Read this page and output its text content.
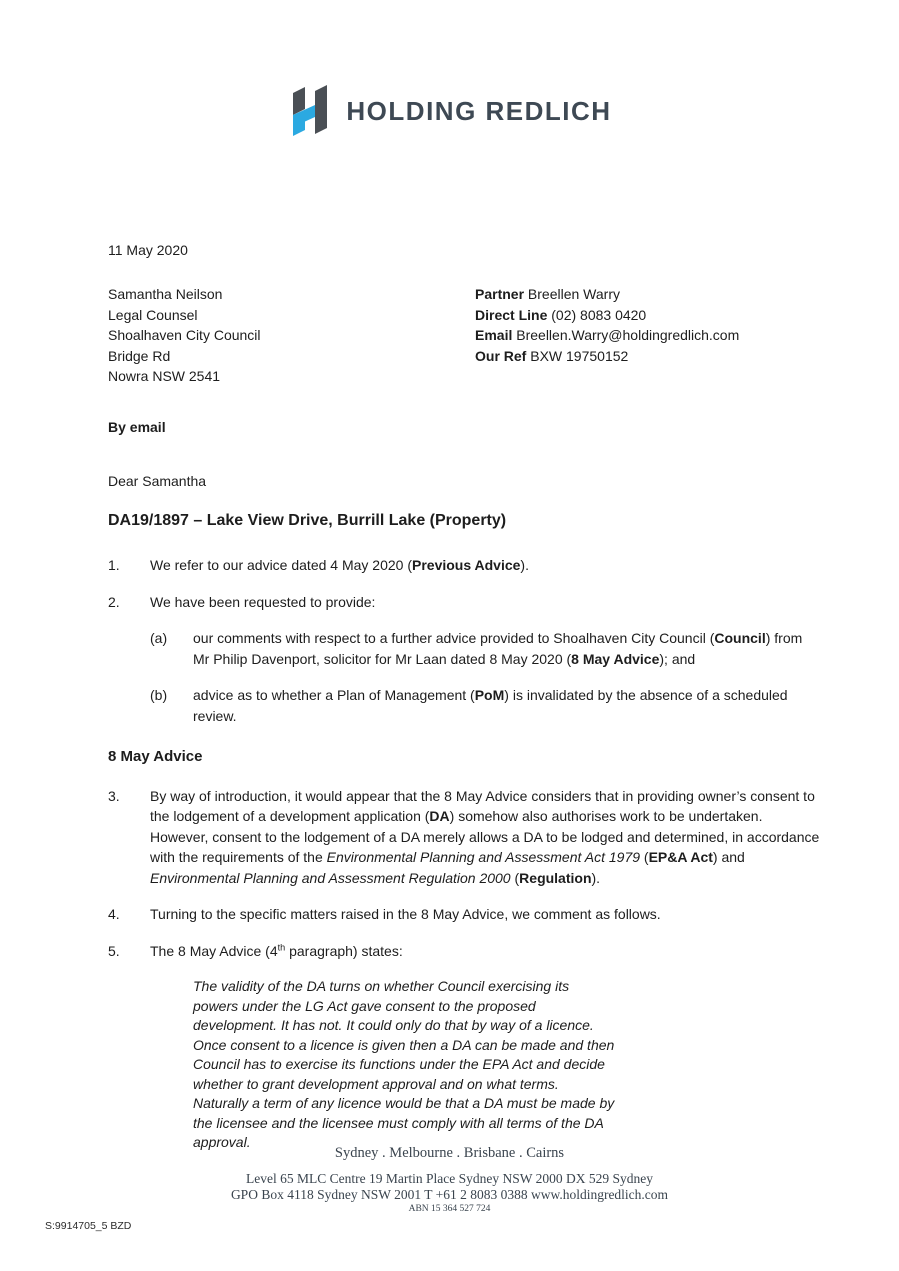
HOLDING REDLICH
11 May 2020
Samantha Neilson
Legal Counsel
Shoalhaven City Council
Bridge Rd
Nowra NSW 2541
Partner Breellen Warry
Direct Line (02) 8083 0420
Email Breellen.Warry@holdingredlich.com
Our Ref BXW 19750152
By email
Dear Samantha
DA19/1897 – Lake View Drive, Burrill Lake (Property)
1.	We refer to our advice dated 4 May 2020 (Previous Advice).
2.	We have been requested to provide:
(a)	our comments with respect to a further advice provided to Shoalhaven City Council (Council) from Mr Philip Davenport, solicitor for Mr Laan dated 8 May 2020 (8 May Advice); and
(b)	advice as to whether a Plan of Management (PoM) is invalidated by the absence of a scheduled review.
8 May Advice
3.	By way of introduction, it would appear that the 8 May Advice considers that in providing owner’s consent to the lodgement of a development application (DA) somehow also authorises work to be undertaken. However, consent to the lodgement of a DA merely allows a DA to be lodged and determined, in accordance with the requirements of the Environmental Planning and Assessment Act 1979 (EP&A Act) and Environmental Planning and Assessment Regulation 2000 (Regulation).
4.	Turning to the specific matters raised in the 8 May Advice, we comment as follows.
5.	The 8 May Advice (4th paragraph) states:
The validity of the DA turns on whether Council exercising its powers under the LG Act gave consent to the proposed development. It has not. It could only do that by way of a licence. Once consent to a licence is given then a DA can be made and then Council has to exercise its functions under the EPA Act and decide whether to grant development approval and on what terms. Naturally a term of any licence would be that a DA must be made by the licensee and the licensee must comply with all terms of the DA approval.
Sydney . Melbourne . Brisbane . Cairns
Level 65 MLC Centre 19 Martin Place Sydney NSW 2000 DX 529 Sydney
GPO Box 4118 Sydney NSW 2001 T +61 2 8083 0388 www.holdingredlich.com
ABN 15 364 527 724
S:9914705_5 BZD
